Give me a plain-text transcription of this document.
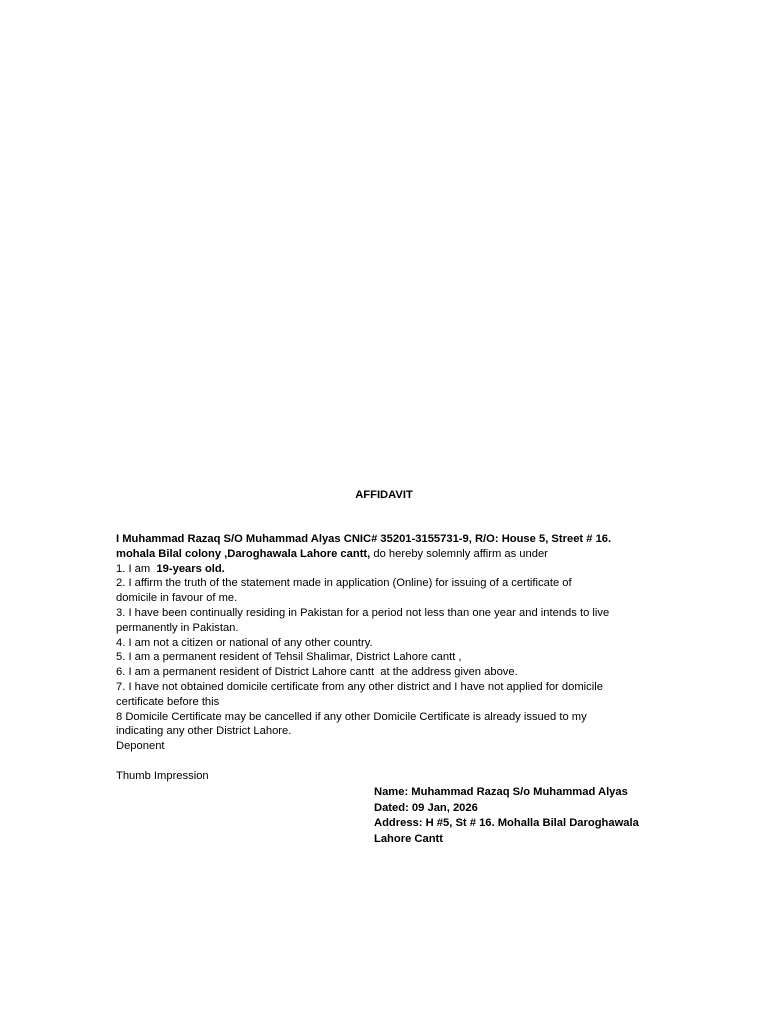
AFFIDAVIT
I Muhammad Razaq S/O Muhammad Alyas CNIC# 35201-3155731-9, R/O: House 5, Street # 16.
mohala Bilal colony ,Daroghawala Lahore cantt, do hereby solemnly affirm as under
1. I am  19-years old.
2. I affirm the truth of the statement made in application (Online) for issuing of a certificate of
domicile in favour of me.
3. I have been continually residing in Pakistan for a period not less than one year and intends to live
permanently in Pakistan.
4. I am not a citizen or national of any other country.
5. I am a permanent resident of Tehsil Shalimar, District Lahore cantt ,
6. I am a permanent resident of District Lahore cantt  at the address given above.
7. I have not obtained domicile certificate from any other district and I have not applied for domicile
certificate before this
8 Domicile Certificate may be cancelled if any other Domicile Certificate is already issued to my
indicating any other District Lahore.
Deponent
Thumb Impression
Name: Muhammad Razaq S/o Muhammad Alyas
Dated: 09 Jan, 2026
Address: H #5, St # 16. Mohalla Bilal Daroghawala
Lahore Cantt
